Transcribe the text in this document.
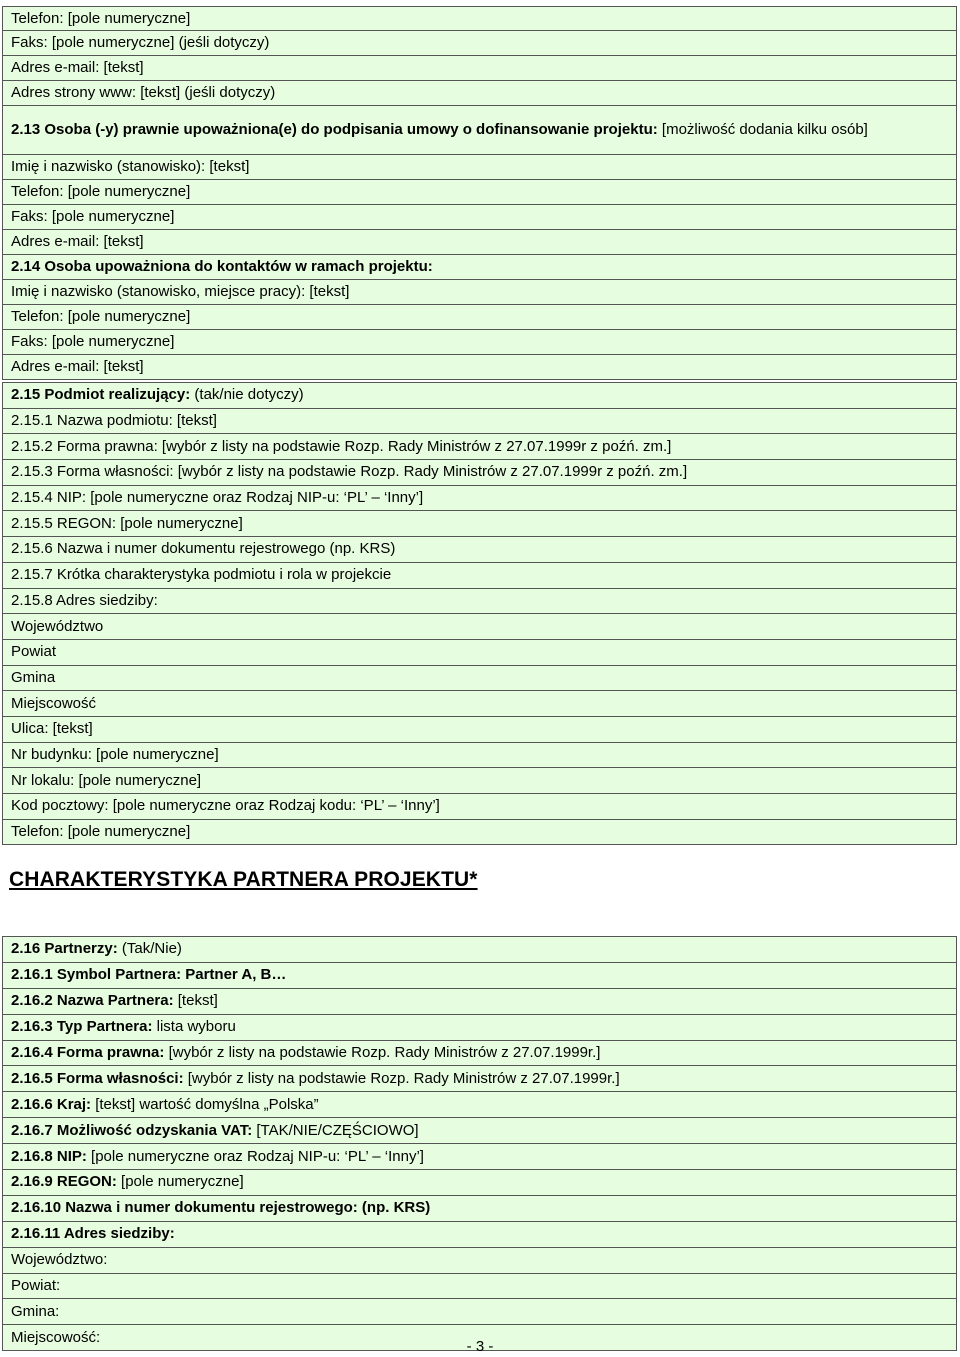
Telefon: [pole numeryczne]
Faks: [pole numeryczne] (jeśli dotyczy)
Adres e-mail: [tekst]
Adres strony www: [tekst] (jeśli dotyczy)
2.13 Osoba (-y) prawnie upoważniona(e) do podpisania umowy o dofinansowanie projektu: [możliwość dodania kilku osób]
Imię i nazwisko (stanowisko): [tekst]
Telefon: [pole numeryczne]
Faks: [pole numeryczne]
Adres e-mail: [tekst]
2.14 Osoba upoważniona do kontaktów w ramach projektu:
Imię i nazwisko (stanowisko, miejsce pracy): [tekst]
Telefon: [pole numeryczne]
Faks: [pole numeryczne]
Adres e-mail: [tekst]
2.15 Podmiot realizujący: (tak/nie dotyczy)
2.15.1 Nazwa podmiotu: [tekst]
2.15.2 Forma prawna: [wybór z listy na podstawie Rozp. Rady Ministrów z 27.07.1999r z poźń. zm.]
2.15.3 Forma własności: [wybór z listy na podstawie Rozp. Rady Ministrów z 27.07.1999r z poźń. zm.]
2.15.4 NIP: [pole numeryczne oraz Rodzaj NIP-u: ‘PL’ – ‘Inny’]
2.15.5 REGON: [pole numeryczne]
2.15.6 Nazwa i numer dokumentu rejestrowego (np. KRS)
2.15.7 Krótka charakterystyka podmiotu i rola w projekcie
2.15.8 Adres siedziby:
Województwo
Powiat
Gmina
Miejscowość
Ulica: [tekst]
Nr budynku: [pole numeryczne]
Nr lokalu: [pole numeryczne]
Kod pocztowy: [pole numeryczne oraz Rodzaj kodu: ‘PL’ – ‘Inny’]
Telefon: [pole numeryczne]
CHARAKTERYSTYKA PARTNERA PROJEKTU*
2.16 Partnerzy: (Tak/Nie)
2.16.1 Symbol Partnera: Partner A, B…
2.16.2 Nazwa Partnera: [tekst]
2.16.3 Typ Partnera: lista wyboru
2.16.4 Forma prawna: [wybór z listy na podstawie Rozp. Rady Ministrów z 27.07.1999r.]
2.16.5 Forma własności: [wybór z listy na podstawie Rozp. Rady Ministrów z 27.07.1999r.]
2.16.6 Kraj: [tekst] wartość domyślna „Polska”
2.16.7 Możliwość odzyskania VAT: [TAK/NIE/CZĘŚCIOWO]
2.16.8 NIP: [pole numeryczne oraz Rodzaj NIP-u: ‘PL’ – ‘Inny’]
2.16.9 REGON: [pole numeryczne]
2.16.10 Nazwa i numer dokumentu rejestrowego: (np. KRS)
2.16.11 Adres siedziby:
Województwo:
Powiat:
Gmina:
Miejscowość:
- 3 -
